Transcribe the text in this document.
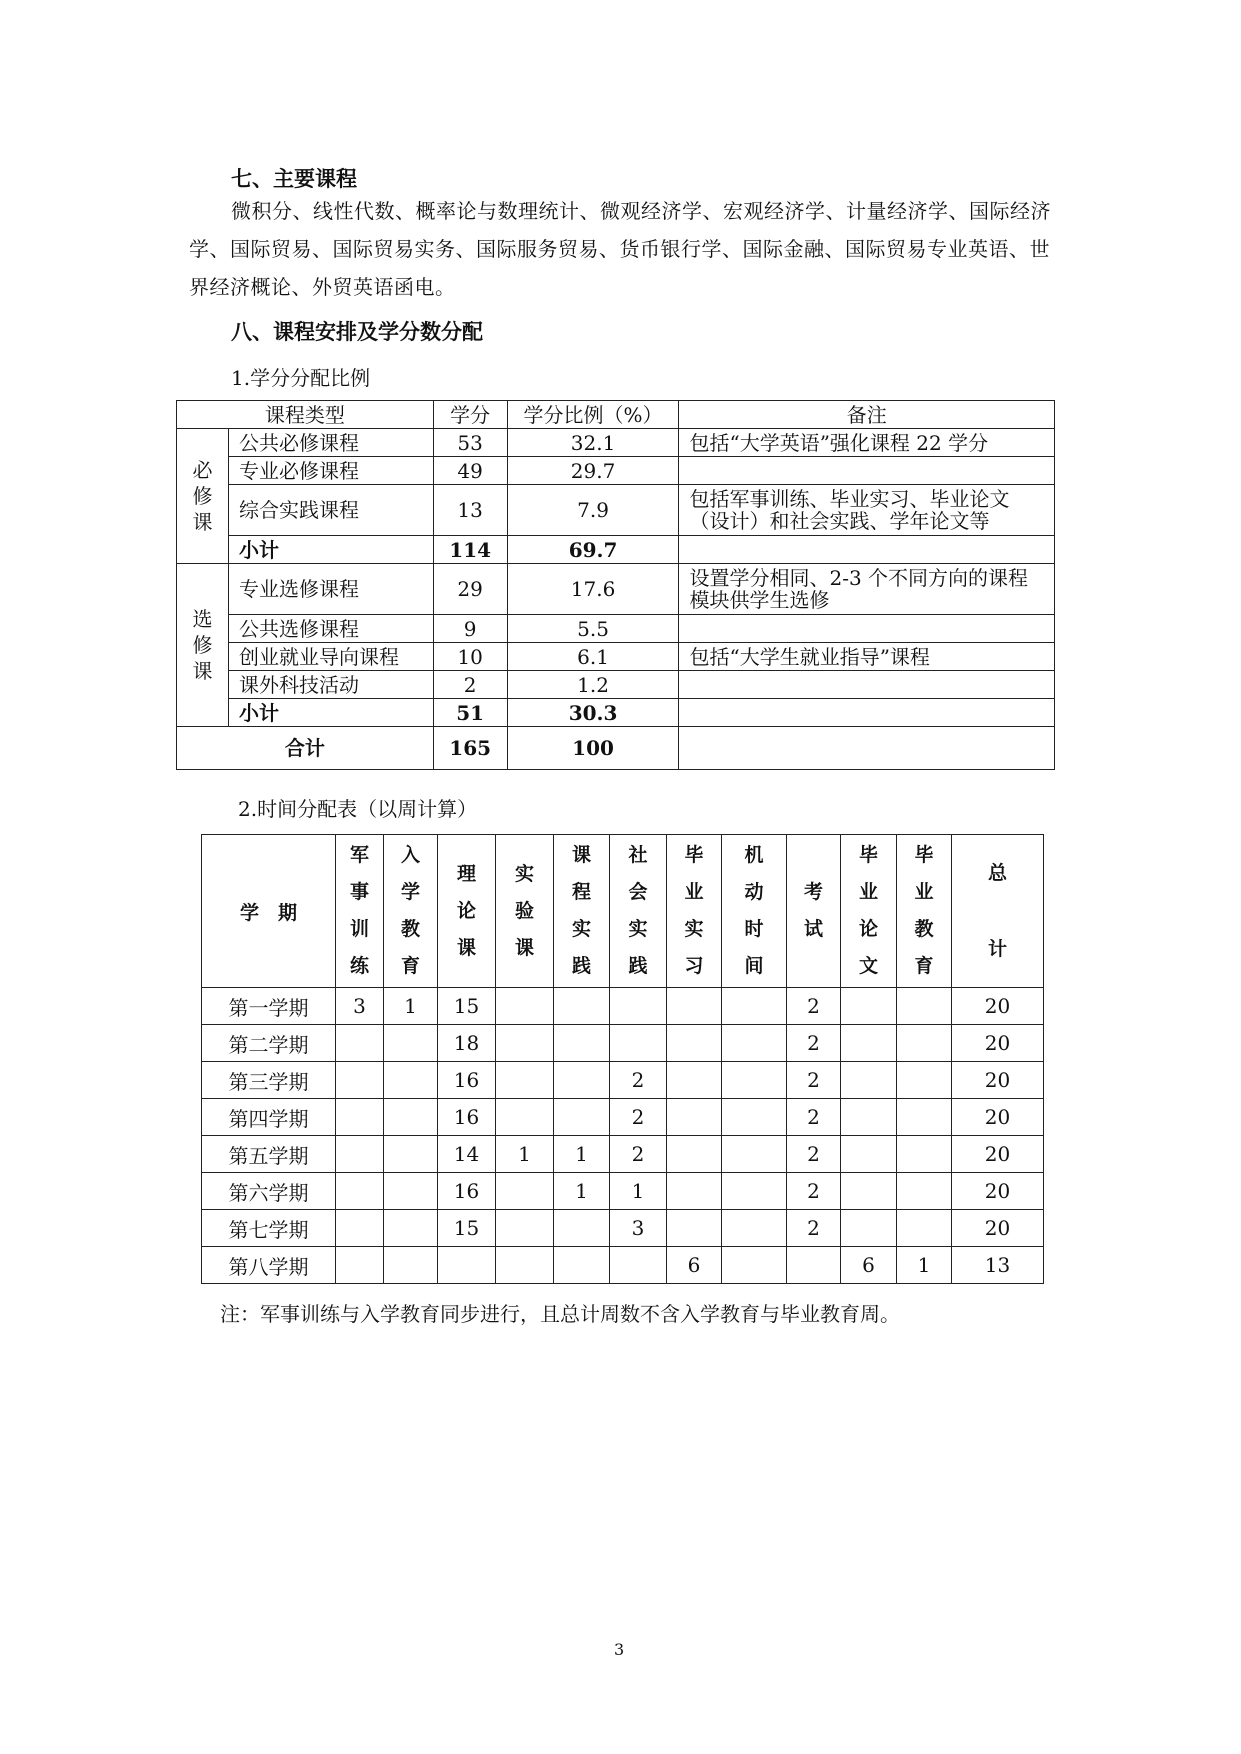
七、主要课程
微积分、线性代数、概率论与数理统计、微观经济学、宏观经济学、计量经济学、国际经济学、国际贸易、国际贸易实务、国际服务贸易、货币银行学、国际金融、国际贸易专业英语、世界经济概论、外贸英语函电。
八、课程安排及学分数分配
1.学分分配比例
课程类型		学分	学分比例（%）	备注
必修课	公共必修课程	53	32.1	包括“大学英语”强化课程 22 学分
	专业必修课程	49	29.7	
	综合实践课程	13	7.9	包括军事训练、毕业实习、毕业论文（设计）和社会实践、学年论文等
	小计	114	69.7	
选修课	专业选修课程	29	17.6	设置学分相同、2-3 个不同方向的课程模块供学生选修
	公共选修课程	9	5.5	
	创业就业导向课程	10	6.1	包括“大学生就业指导”课程
	课外科技活动	2	1.2	
	小计	51	30.3	
合计		165	100	
2.时间分配表（以周计算）
学　期	军事训练	入学教育	理论课	实验课	课程实践	社会实践	毕业实习	机动时间	考试	毕业论文	毕业教育	总计
第一学期	3	1	15						2			20
第二学期			18						2			20
第三学期			16			2			2			20
第四学期			16			2			2			20
第五学期			14	1	1	2			2			20
第六学期			16		1	1			2			20
第七学期			15			3			2			20
第八学期							6			6	1	13
注：军事训练与入学教育同步进行，且总计周数不含入学教育与毕业教育周。
3
